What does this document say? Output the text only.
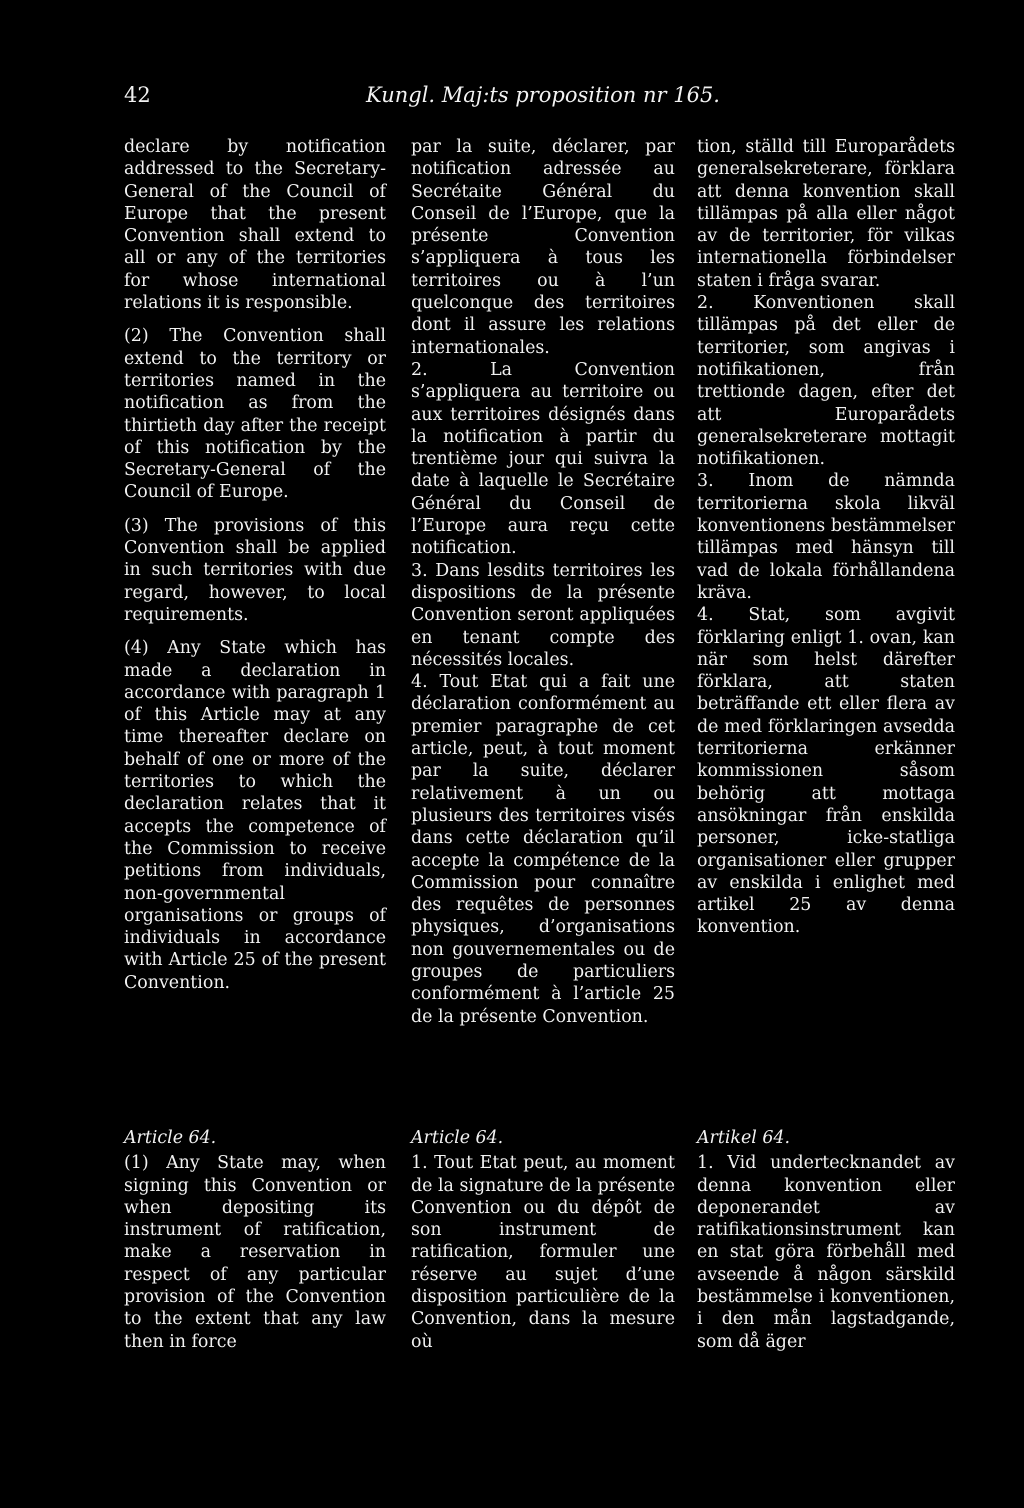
42	Kungl. Maj:ts proposition nr 165.

declare by notification addressed to the Secretary-General of the Council of Europe that the present Convention shall extend to all or any of the territories for whose international relations it is responsible.

(2) The Convention shall extend to the territory or territories named in the notification as from the thirtieth day after the receipt of this notification by the Secretary-General of the Council of Europe.

(3) The provisions of this Convention shall be applied in such territories with due regard, however, to local requirements.

(4) Any State which has made a declaration in accordance with paragraph 1 of this Article may at any time thereafter declare on behalf of one or more of the territories to which the declaration relates that it accepts the competence of the Commission to receive petitions from individuals, non-governmental organisations or groups of individuals in accordance with Article 25 of the present Convention.

par la suite, déclarer, par notification adressée au Secrétaite Général du Conseil de l’Europe, que la présente Convention s’appliquera à tous les territoires ou à l’un quelconque des territoires dont il assure les relations internationales.

2. La Convention s’appliquera au territoire ou aux territoires désignés dans la notification à partir du trentième jour qui suivra la date à laquelle le Secrétaire Général du Conseil de l’Europe aura reçu cette notification.

3. Dans lesdits territoires les dispositions de la présente Convention seront appliquées en tenant compte des nécessités locales.

4. Tout Etat qui a fait une déclaration conformément au premier paragraphe de cet article, peut, à tout moment par la suite, déclarer relativement à un ou plusieurs des territoires visés dans cette déclaration qu’il accepte la compétence de la Commission pour connaître des requêtes de personnes physiques, d’organisations non gouvernementales ou de groupes de particuliers conformément à l’article 25 de la présente Convention.

tion, ställd till Europarådets generalsekreterare, förklara att denna konvention skall tillämpas på alla eller något av de territorier, för vilkas internationella förbindelser staten i fråga svarar.

2. Konventionen skall tillämpas på det eller de territorier, som angivas i notifikationen, från trettionde dagen, efter det att Europarådets generalsekreterare mottagit notifikationen.

3. Inom de nämnda territorierna skola likväl konventionens bestämmelser tillämpas med hänsyn till vad de lokala förhållandena kräva.

4. Stat, som avgivit förklaring enligt 1. ovan, kan när som helst därefter förklara, att staten beträffande ett eller flera av de med förklaringen avsedda territorierna erkänner kommissionen såsom behörig att mottaga ansökningar från enskilda personer, icke-statliga organisationer eller grupper av enskilda i enlighet med artikel 25 av denna konvention.

Article 64.

(1) Any State may, when signing this Convention or when depositing its instrument of ratification, make a reservation in respect of any particular provision of the Convention to the extent that any law then in force

Article 64.

1. Tout Etat peut, au moment de la signature de la présente Convention ou du dépôt de son instrument de ratification, formuler une réserve au sujet d’une disposition particulière de la Convention, dans la mesure où

Artikel 64.

1. Vid undertecknandet av denna konvention eller deponerandet av ratifikationsinstrument kan en stat göra förbehåll med avseende å någon särskild bestämmelse i konventionen, i den mån lagstadgande, som då äger
